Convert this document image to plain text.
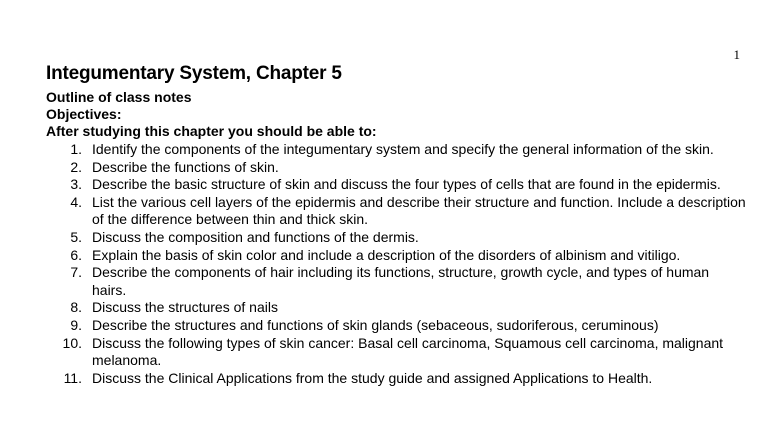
1
Integumentary System, Chapter 5

Outline of class notes

Objectives:

After studying this chapter you should be able to:

1. Identify the components of the integumentary system and specify the general information of the skin.
2. Describe the functions of skin.
3. Describe the basic structure of skin and discuss the four types of cells that are found in the epidermis.
4. List the various cell layers of the epidermis and describe their structure and function. Include a description of the difference between thin and thick skin.
5. Discuss the composition and functions of the dermis.
6. Explain the basis of skin color and include a description of the disorders of albinism and vitiligo.
7. Describe the components of hair including its functions, structure, growth cycle, and types of human hairs.
8. Discuss the structures of nails
9. Describe the structures and functions of skin glands (sebaceous, sudoriferous, ceruminous)
10. Discuss the following types of skin cancer: Basal cell carcinoma, Squamous cell carcinoma, malignant melanoma.
11. Discuss the Clinical Applications from the study guide and assigned Applications to Health.
